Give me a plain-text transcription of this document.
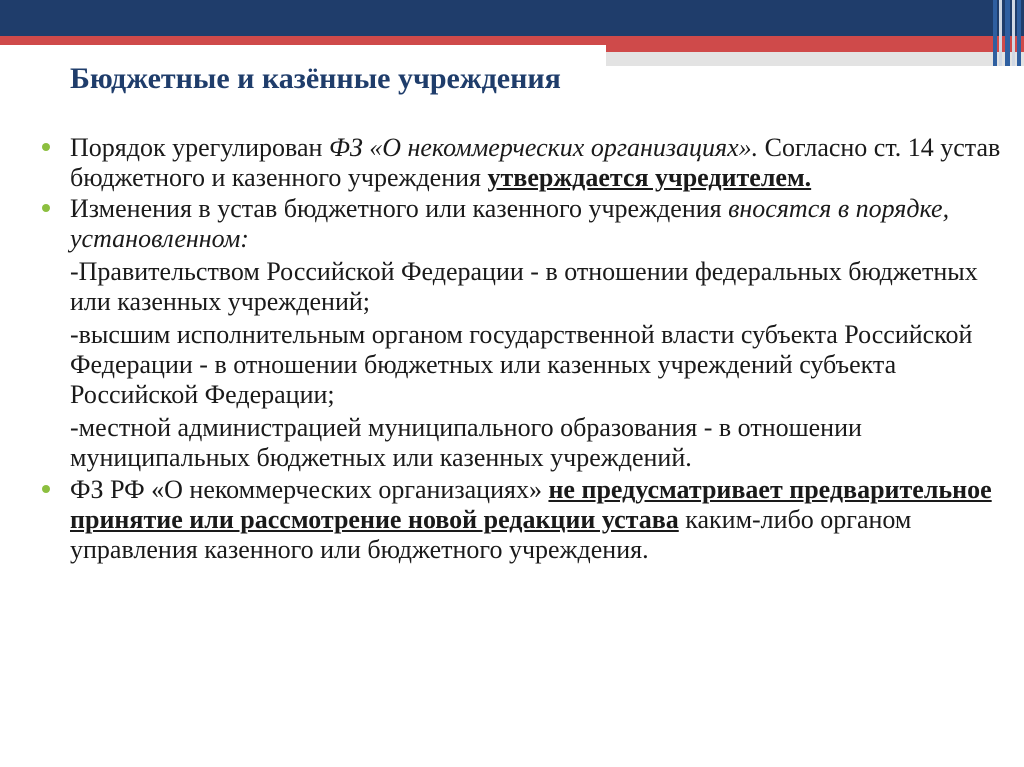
Бюджетные и казённые учреждения
Порядок урегулирован ФЗ «О некоммерческих организациях». Согласно ст. 14 устав бюджетного и казенного учреждения утверждается учредителем.
Изменения в устав бюджетного или казенного учреждения вносятся в порядке, установленном:
-Правительством Российской Федерации - в отношении федеральных бюджетных или казенных учреждений;
-высшим исполнительным органом государственной власти субъекта Российской Федерации - в отношении бюджетных или казенных учреждений субъекта Российской Федерации;
-местной администрацией муниципального образования - в отношении муниципальных бюджетных или казенных учреждений.
ФЗ РФ «О некоммерческих организациях» не предусматривает предварительное принятие или рассмотрение новой редакции устава каким-либо органом управления казенного или бюджетного учреждения.
